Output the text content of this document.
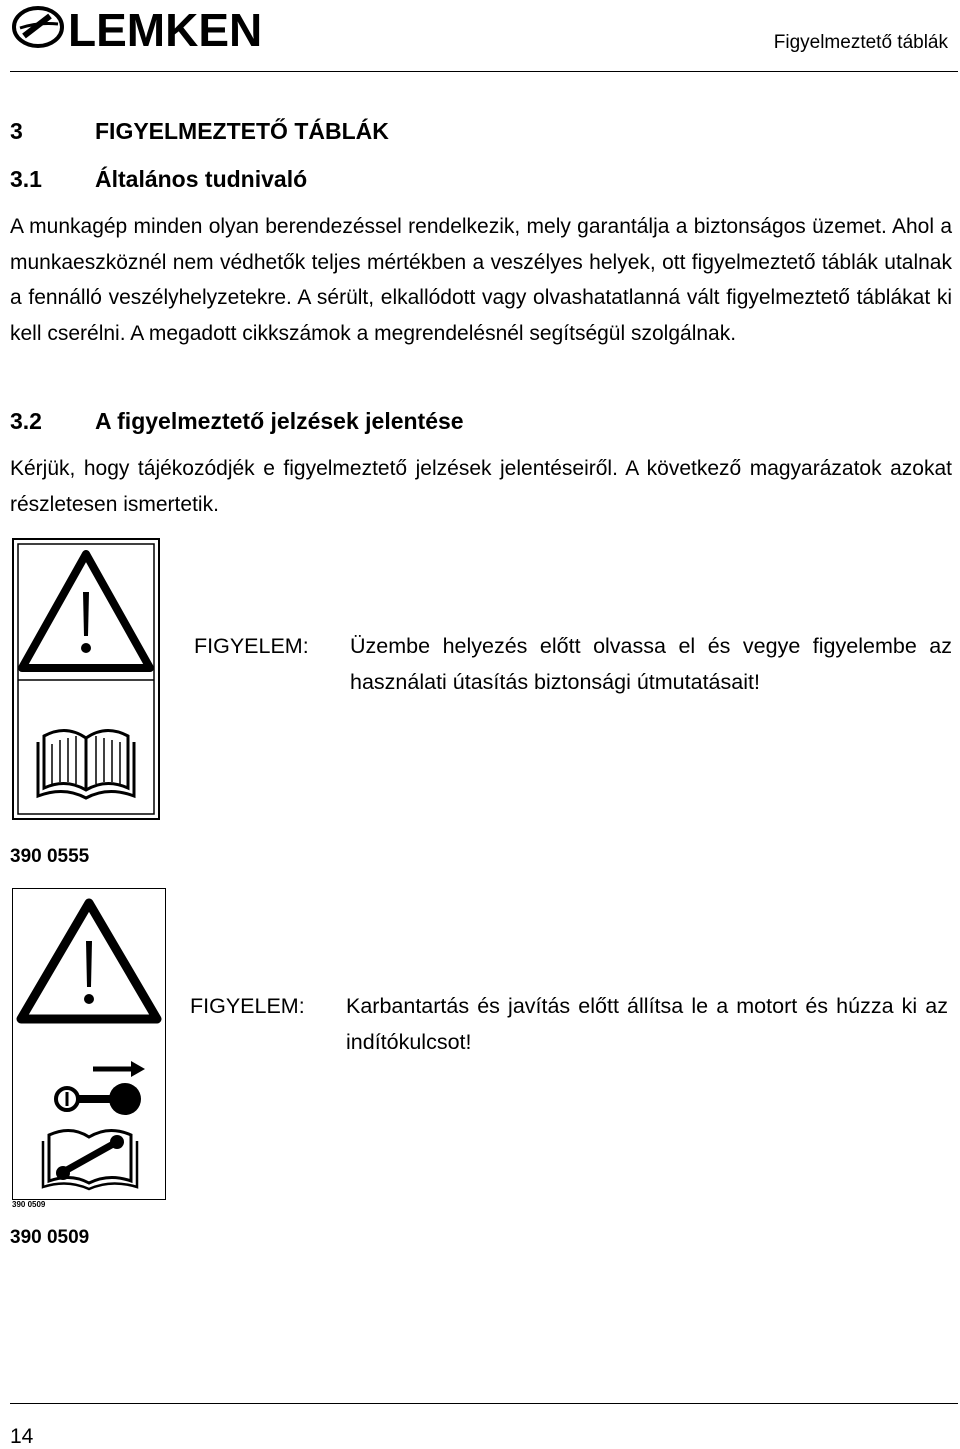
LEMKEN	Figyelmeztető táblák
3	FIGYELMEZTETŐ TÁBLÁK
3.1	Általános tudnivaló

A munkagép minden olyan berendezéssel rendelkezik, mely garantálja a biztonságos üzemet. Ahol a munkaeszköznél nem védhetők teljes mértékben a veszélyes helyek, ott figyelmeztető táblák utalnak a fennálló veszélyhelyzetekre. A sérült, elkallódott vagy olvashatatlanná vált figyelmeztető táblákat ki kell cserélni. A megadott cikkszámok a megrendelésnél segítségül szolgálnak.

3.2	A figyelmeztető jelzések jelentése

Kérjük, hogy tájékozódjék e figyelmeztető jelzések jelentéseiről. A következő magyarázatok azokat részletesen ismertetik.

FIGYELEM:	Üzembe helyezés előtt olvassa el és vegye figyelembe az használati útasítás biztonsági útmutatásait!
390 0555
390 0509
FIGYELEM:	Karbantartás és javítás előtt állítsa le a motort és húzza ki az indítókulcsot!
390 0509
14
